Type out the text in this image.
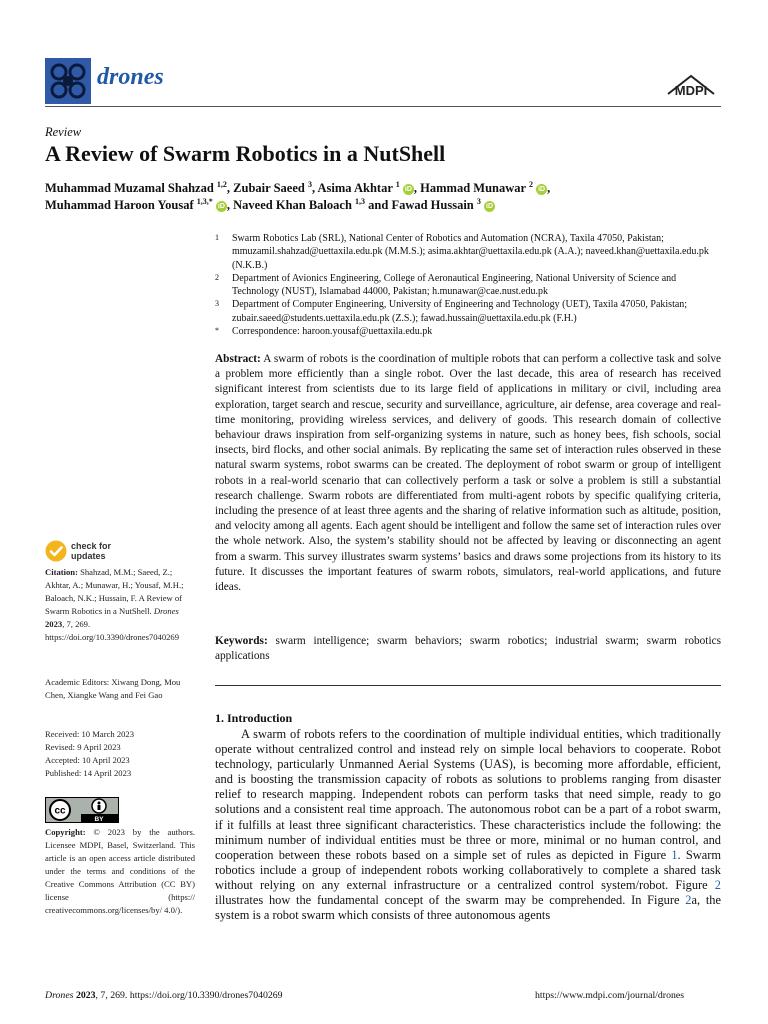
drones
MDPI
Review
A Review of Swarm Robotics in a NutShell
Muhammad Muzamal Shahzad $^{1,2}$, Zubair Saeed $^3$, Asima Akhtar $^1$ iD , Hammad Munawar $^2$ iD ,
Muhammad Haroon Yousaf $^{1,3,*}$ iD , Naveed Khan Baloach $^{1,3}$ and Fawad Hussain $^3$ iD
1 Swarm Robotics Lab (SRL), National Center of Robotics and Automation (NCRA), Taxila 47050, Pakistan; mmuzamil.shahzad@uettaxila.edu.pk (M.M.S.); asima.akhtar@uettaxila.edu.pk (A.A.); naveed.khan@uettaxila.edu.pk (N.K.B.)
2 Department of Avionics Engineering, College of Aeronautical Engineering, National University of Science and Technology (NUST), Islamabad 44000, Pakistan; h.munawar@cae.nust.edu.pk
3 Department of Computer Engineering, University of Engineering and Technology (UET), Taxila 47050, Pakistan; zubair.saeed@students.uettaxila.edu.pk (Z.S.); fawad.hussain@uettaxila.edu.pk (F.H.)
* Correspondence: haroon.yousaf@uettaxila.edu.pk
Abstract: A swarm of robots is the coordination of multiple robots that can perform a collective task and solve a problem more efficiently than a single robot. Over the last decade, this area of research has received significant interest from scientists due to its large field of applications in military or civil, including area exploration, target search and rescue, security and surveillance, agriculture, air defense, area coverage and real-time monitoring, providing wireless services, and delivery of goods. This research domain of collective behaviour draws inspiration from self-organizing systems in nature, such as honey bees, fish schools, social insects, bird flocks, and other social animals. By replicating the same set of interaction rules observed in these natural swarm systems, robot swarms can be created. The deployment of robot swarm or group of intelligent robots in a real-world scenario that can collectively perform a task or solve a problem is still a substantial research challenge. Swarm robots are differentiated from multi-agent robots by specific qualifying criteria, including the presence of at least three agents and the sharing of relative information such as altitude, position, and velocity among all agents. Each agent should be intelligent and follow the same set of interaction rules over the whole network. Also, the system’s stability should not be affected by leaving or disconnecting an agent from a swarm. This survey illustrates swarm systems’ basics and draws some projections from its history to its future. It discusses the important features of swarm robots, simulators, real-world applications, and future ideas.
Keywords: swarm intelligence; swarm behaviors; swarm robotics; industrial swarm; swarm robotics applications
1. Introduction
A swarm of robots refers to the coordination of multiple individual entities, which traditionally operate without centralized control and instead rely on simple local behaviors to cooperate. Robot technology, particularly Unmanned Aerial Systems (UAS), is becoming more affordable, efficient, and is boosting the transmission capacity of robots as solutions to problems ranging from disaster relief to research mapping. Independent robots can perform tasks that need simple, ready to go solutions and a consistent real time approach. The autonomous robot can be a part of a robot swarm, if it fulfills at least three significant characteristics. These characteristics include the following: the minimum number of individual entities must be three or more, minimal or no human control, and cooperation between these robots based on a simple set of rules as depicted in Figure 1. Swarm robotics include a group of independent robots working collaboratively to complete a shared task without relying on any external infrastructure or a centralized control system/robot. Figure 2 illustrates how the fundamental concept of the swarm may be comprehended. In Figure 2a, the system is a robot swarm which consists of three autonomous agents
check for
updates
Citation: Shahzad, M.M.; Saeed, Z.; Akhtar, A.; Munawar, H.; Yousaf, M.H.; Baloach, N.K.; Hussain, F. A Review of Swarm Robotics in a NutShell. Drones 2023, 7, 269. https://doi.org/10.3390/drones7040269
Academic Editors: Xiwang Dong, Mou Chen, Xiangke Wang and Fei Gao
Received: 10 March 2023
Revised: 9 April 2023
Accepted: 10 April 2023
Published: 14 April 2023
cc
BY
Copyright: © 2023 by the authors. Licensee MDPI, Basel, Switzerland. This article is an open access article distributed under the terms and conditions of the Creative Commons Attribution (CC BY) license (https:// creativecommons.org/licenses/by/ 4.0/).
Drones 2023, 7, 269. https://doi.org/10.3390/drones7040269	https://www.mdpi.com/journal/drones
